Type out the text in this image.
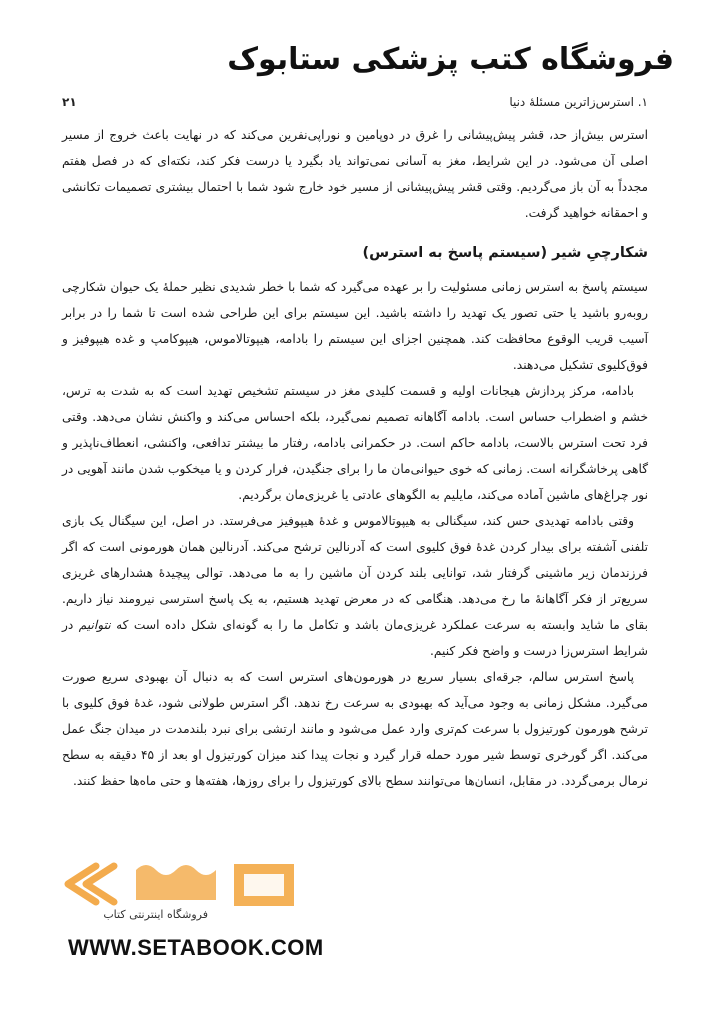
فروشگاه کتب پزشکی ستابوک
۱. استرس‌زاترین مسئلهٔ دنیا
۲۱

استرس بیش‌از حد، قشر پیش‌پیشانی را غرق در دوپامین و نوراپی‌نفرین می‌کند که در نهایت باعث خروج از مسیر اصلی آن می‌شود. در این شرایط، مغز به آسانی نمی‌تواند یاد بگیرد یا درست فکر کند، نکته‌ای که در فصل هفتم مجدداً به آن باز می‌گردیم. وقتی قشر پیش‌پیشانی از مسیر خود خارج شود شما با احتمال بیشتری تصمیمات تکانشی و احمقانه خواهید گرفت.

شکارچیِ شیر (سیستم پاسخ به استرس)

سیستم پاسخ به استرس زمانی مسئولیت را بر عهده می‌گیرد که شما با خطر شدیدی نظیر حملهٔ یک حیوان شکارچی روبه‌رو باشید یا حتی تصور یک تهدید را داشته باشید. این سیستم برای این طراحی شده است تا شما را در برابر آسیب قریب الوقوع محافظت کند. همچنین اجزای این سیستم را بادامه، هیپوتالاموس، هیپوکامپ و غده هیپوفیز و فوق‌کلیوی تشکیل می‌دهند.

بادامه، مرکز پردازش هیجانات اولیه و قسمت کلیدی مغز در سیستم تشخیص تهدید است که به شدت به ترس، خشم و اضطراب حساس است. بادامه آگاهانه تصمیم نمی‌گیرد، بلکه احساس می‌کند و واکنش نشان می‌دهد. وقتی فرد تحت استرس بالاست، بادامه حاکم است. در حکمرانی بادامه، رفتار ما بیشتر تدافعی، واکنشی، انعطاف‌ناپذیر و گاهی پرخاشگرانه است. زمانی که خوی حیوانی‌مان ما را برای جنگیدن، فرار کردن و یا میخکوب شدن مانند آهویی در نور چراغ‌های ماشین آماده می‌کند، مایلیم به الگوهای عادتی یا غریزی‌مان برگردیم.

وقتی بادامه تهدیدی حس کند، سیگنالی به هیپوتالاموس و غدهٔ هیپوفیز می‌فرستد. در اصل، این سیگنال یک بازی تلفنی آشفته برای بیدار کردن غدهٔ فوق کلیوی است که آدرنالین ترشح می‌کند. آدرنالین همان هورمونی است که اگر فرزندمان زیر ماشینی گرفتار شد، توانایی بلند کردن آن ماشین را به ما می‌دهد. توالی پیچیدهٔ هشدارهای غریزی سریع‌تر از فکر آگاهانهٔ ما رخ می‌دهد. هنگامی که در معرض تهدید هستیم، به یک پاسخ استرسی نیرومند نیاز داریم. بقای ما شاید وابسته به سرعت عملکرد غریزی‌مان باشد و تکامل ما را به گونه‌ای شکل داده است که نتوانیم در شرایط استرس‌زا درست و واضح فکر کنیم.

پاسخ استرس سالم، جرقه‌ای بسیار سریع در هورمون‌های استرس است که به دنبال آن بهبودی سریع صورت می‌گیرد. مشکل زمانی به وجود می‌آید که بهبودی به سرعت رخ ندهد. اگر استرس طولانی شود، غدهٔ فوق کلیوی با ترشح هورمون کورتیزول با سرعت کم‌تری وارد عمل می‌شود و مانند ارتشی برای نبرد بلندمدت در میدان جنگ عمل می‌کند. اگر گورخری توسط شیر مورد حمله قرار گیرد و نجات پیدا کند میزان کورتیزول او بعد از ۴۵ دقیقه به سطح نرمال برمی‌گردد. در مقابل، انسان‌ها می‌توانند سطح بالای کورتیزول را برای روزها، هفته‌ها و حتی ماه‌ها حفظ کنند.

فروشگاه اینترنتی کتاب
WWW.SETABOOK.COM
